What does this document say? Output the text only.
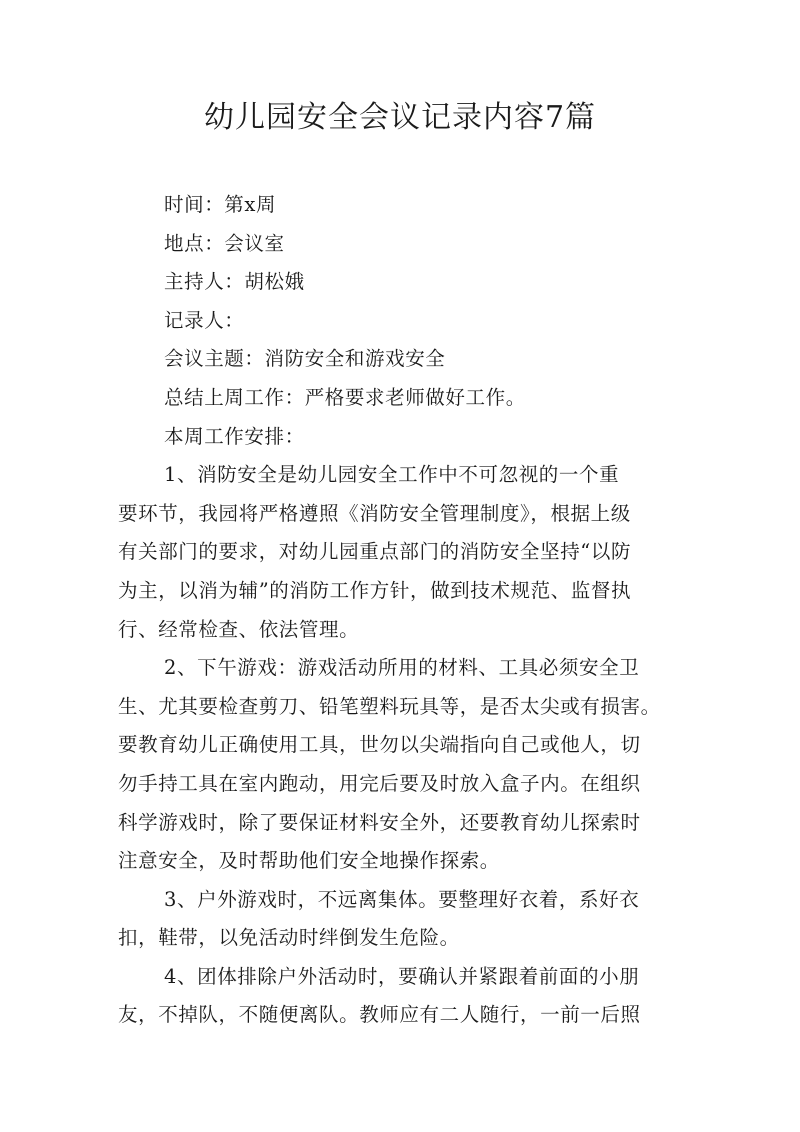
幼儿园安全会议记录内容7篇
时间：第x周
地点：会议室
主持人：胡松娥
记录人：
会议主题：消防安全和游戏安全
总结上周工作：严格要求老师做好工作。
本周工作安排：
1、消防安全是幼儿园安全工作中不可忽视的一个重
要环节，我园将严格遵照《消防安全管理制度》，根据上级
有关部门的要求，对幼儿园重点部门的消防安全坚持“以防
为主，以消为辅”的消防工作方针，做到技术规范、监督执
行、经常检查、依法管理。
2、下午游戏：游戏活动所用的材料、工具必须安全卫
生、尤其要检查剪刀、铅笔塑料玩具等，是否太尖或有损害。
要教育幼儿正确使用工具，世勿以尖端指向自己或他人，切
勿手持工具在室内跑动，用完后要及时放入盒子内。在组织
科学游戏时，除了要保证材料安全外，还要教育幼儿探索时
注意安全，及时帮助他们安全地操作探索。
3、户外游戏时，不远离集体。要整理好衣着，系好衣
扣，鞋带，以免活动时绊倒发生危险。
4、团体排除户外活动时，要确认并紧跟着前面的小朋
友，不掉队，不随便离队。教师应有二人随行，一前一后照
